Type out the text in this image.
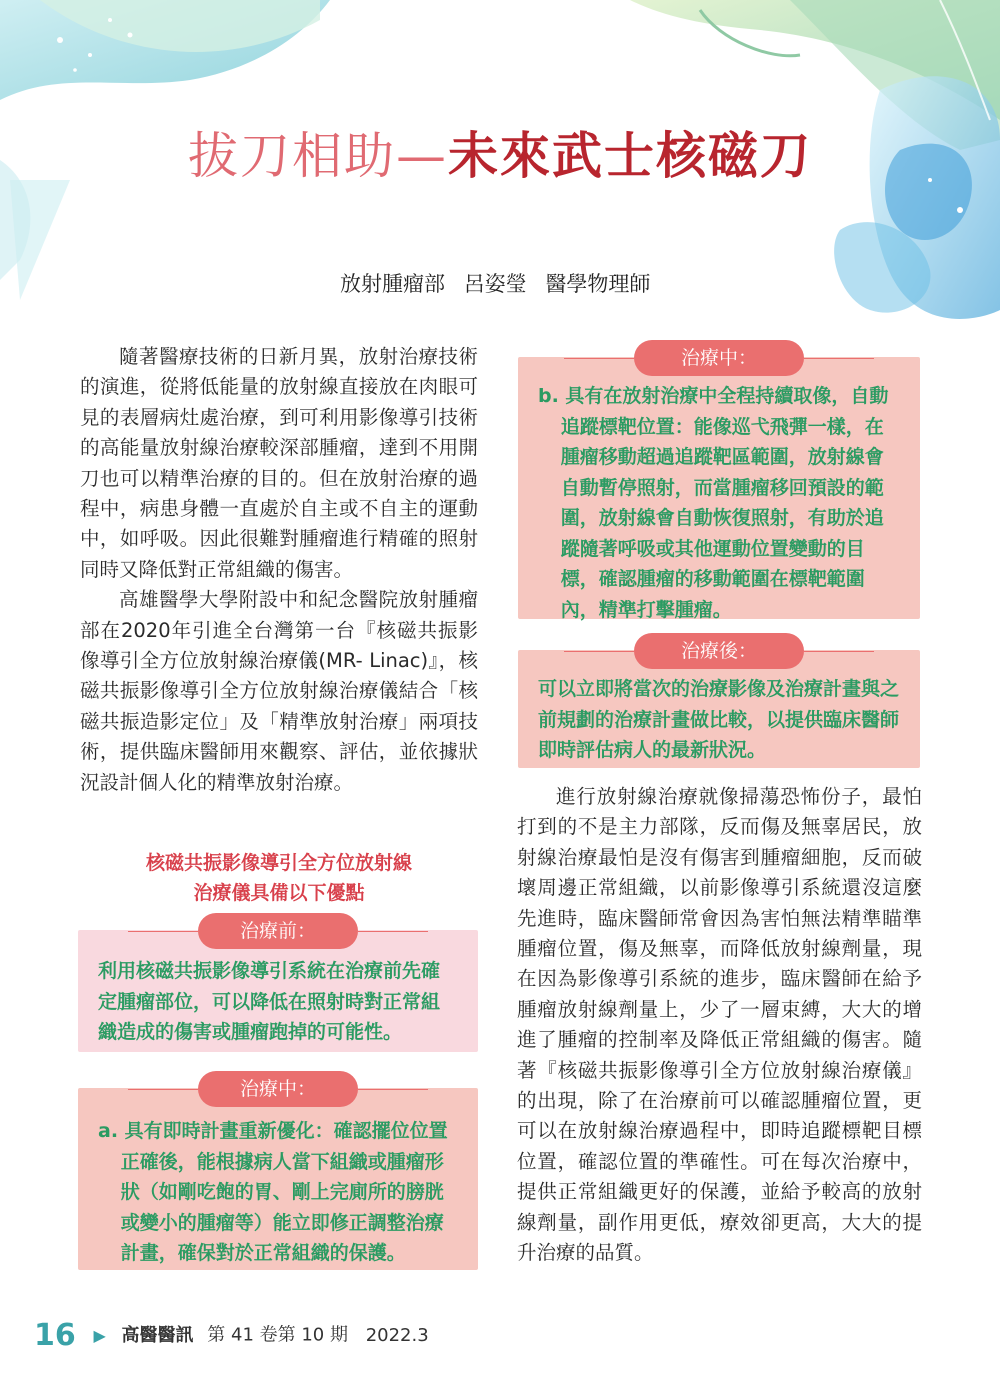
拔刀相助—未來武士核磁刀
放射腫瘤部 呂姿瑩 醫學物理師

隨著醫療技術的日新月異，放射治療技術的演進，從將低能量的放射線直接放在肉眼可見的表層病灶處治療，到可利用影像導引技術的高能量放射線治療較深部腫瘤，達到不用開刀也可以精準治療的目的。但在放射治療的過程中，病患身體一直處於自主或不自主的運動中，如呼吸。因此很難對腫瘤進行精確的照射同時又降低對正常組織的傷害。

高雄醫學大學附設中和紀念醫院放射腫瘤部在2020年引進全台灣第一台『核磁共振影像導引全方位放射線治療儀(MR- Linac)』，核磁共振影像導引全方位放射線治療儀結合「核磁共振造影定位」及「精準放射治療」兩項技術，提供臨床醫師用來觀察、評估，並依據狀況設計個人化的精準放射治療。

核磁共振影像導引全方位放射線
治療儀具備以下優點
治療前：
利用核磁共振影像導引系統在治療前先確定腫瘤部位，可以降低在照射時對正常組織造成的傷害或腫瘤跑掉的可能性。
治療中：
a. 具有即時計畫重新優化：確認擺位位置正確後，能根據病人當下組織或腫瘤形狀（如剛吃飽的胃、剛上完廁所的膀胱或變小的腫瘤等）能立即修正調整治療計畫，確保對於正常組織的保護。
治療中：
b. 具有在放射治療中全程持續取像，自動追蹤標靶位置：能像巡弋飛彈一樣，在腫瘤移動超過追蹤靶區範圍，放射線會自動暫停照射，而當腫瘤移回預設的範圍，放射線會自動恢復照射，有助於追蹤隨著呼吸或其他運動位置變動的目標，確認腫瘤的移動範圍在標靶範圍內，精準打擊腫瘤。
治療後：
可以立即將當次的治療影像及治療計畫與之前規劃的治療計畫做比較，以提供臨床醫師即時評估病人的最新狀況。

進行放射線治療就像掃蕩恐怖份子，最怕打到的不是主力部隊，反而傷及無辜居民，放射線治療最怕是沒有傷害到腫瘤細胞，反而破壞周邊正常組織，以前影像導引系統還沒這麼先進時，臨床醫師常會因為害怕無法精準瞄準腫瘤位置，傷及無辜，而降低放射線劑量，現在因為影像導引系統的進步，臨床醫師在給予腫瘤放射線劑量上，少了一層束縛，大大的增進了腫瘤的控制率及降低正常組織的傷害。隨著『核磁共振影像導引全方位放射線治療儀』的出現，除了在治療前可以確認腫瘤位置，更可以在放射線治療過程中，即時追蹤標靶目標位置，確認位置的準確性。可在每次治療中，提供正常組織更好的保護，並給予較高的放射線劑量，副作用更低，療效卻更高，大大的提升治療的品質。

16 ▶ 高醫醫訊 第 41 卷第 10 期 2022.3
